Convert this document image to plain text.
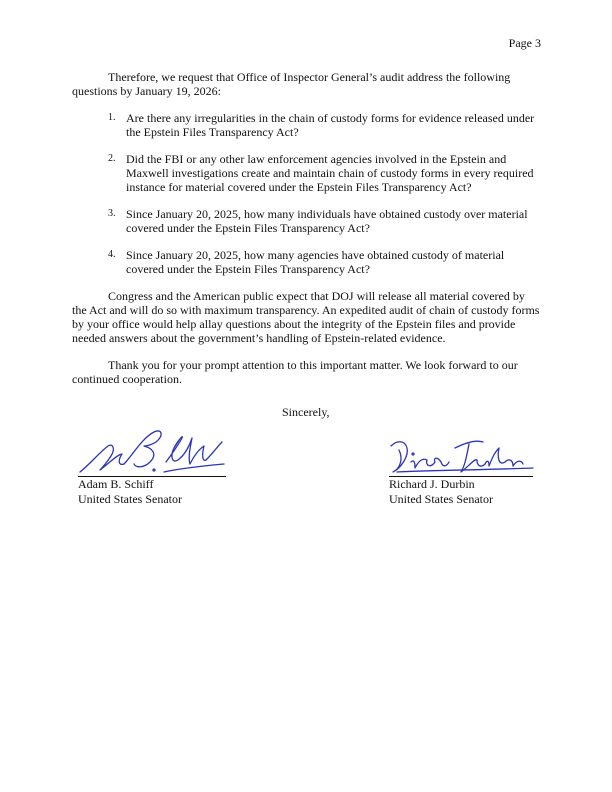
Page 3

Therefore, we request that Office of Inspector General’s audit address the following questions by January 19, 2026:

1. Are there any irregularities in the chain of custody forms for evidence released under the Epstein Files Transparency Act?
2. Did the FBI or any other law enforcement agencies involved in the Epstein and Maxwell investigations create and maintain chain of custody forms in every required instance for material covered under the Epstein Files Transparency Act?
3. Since January 20, 2025, how many individuals have obtained custody over material covered under the Epstein Files Transparency Act?
4. Since January 20, 2025, how many agencies have obtained custody of material covered under the Epstein Files Transparency Act?

Congress and the American public expect that DOJ will release all material covered by the Act and will do so with maximum transparency. An expedited audit of chain of custody forms by your office would help allay questions about the integrity of the Epstein files and provide needed answers about the government’s handling of Epstein-related evidence.

Thank you for your prompt attention to this important matter. We look forward to our continued cooperation.

Sincerely,
Adam B. Schiff
United States Senator
Richard J. Durbin
United States Senator
